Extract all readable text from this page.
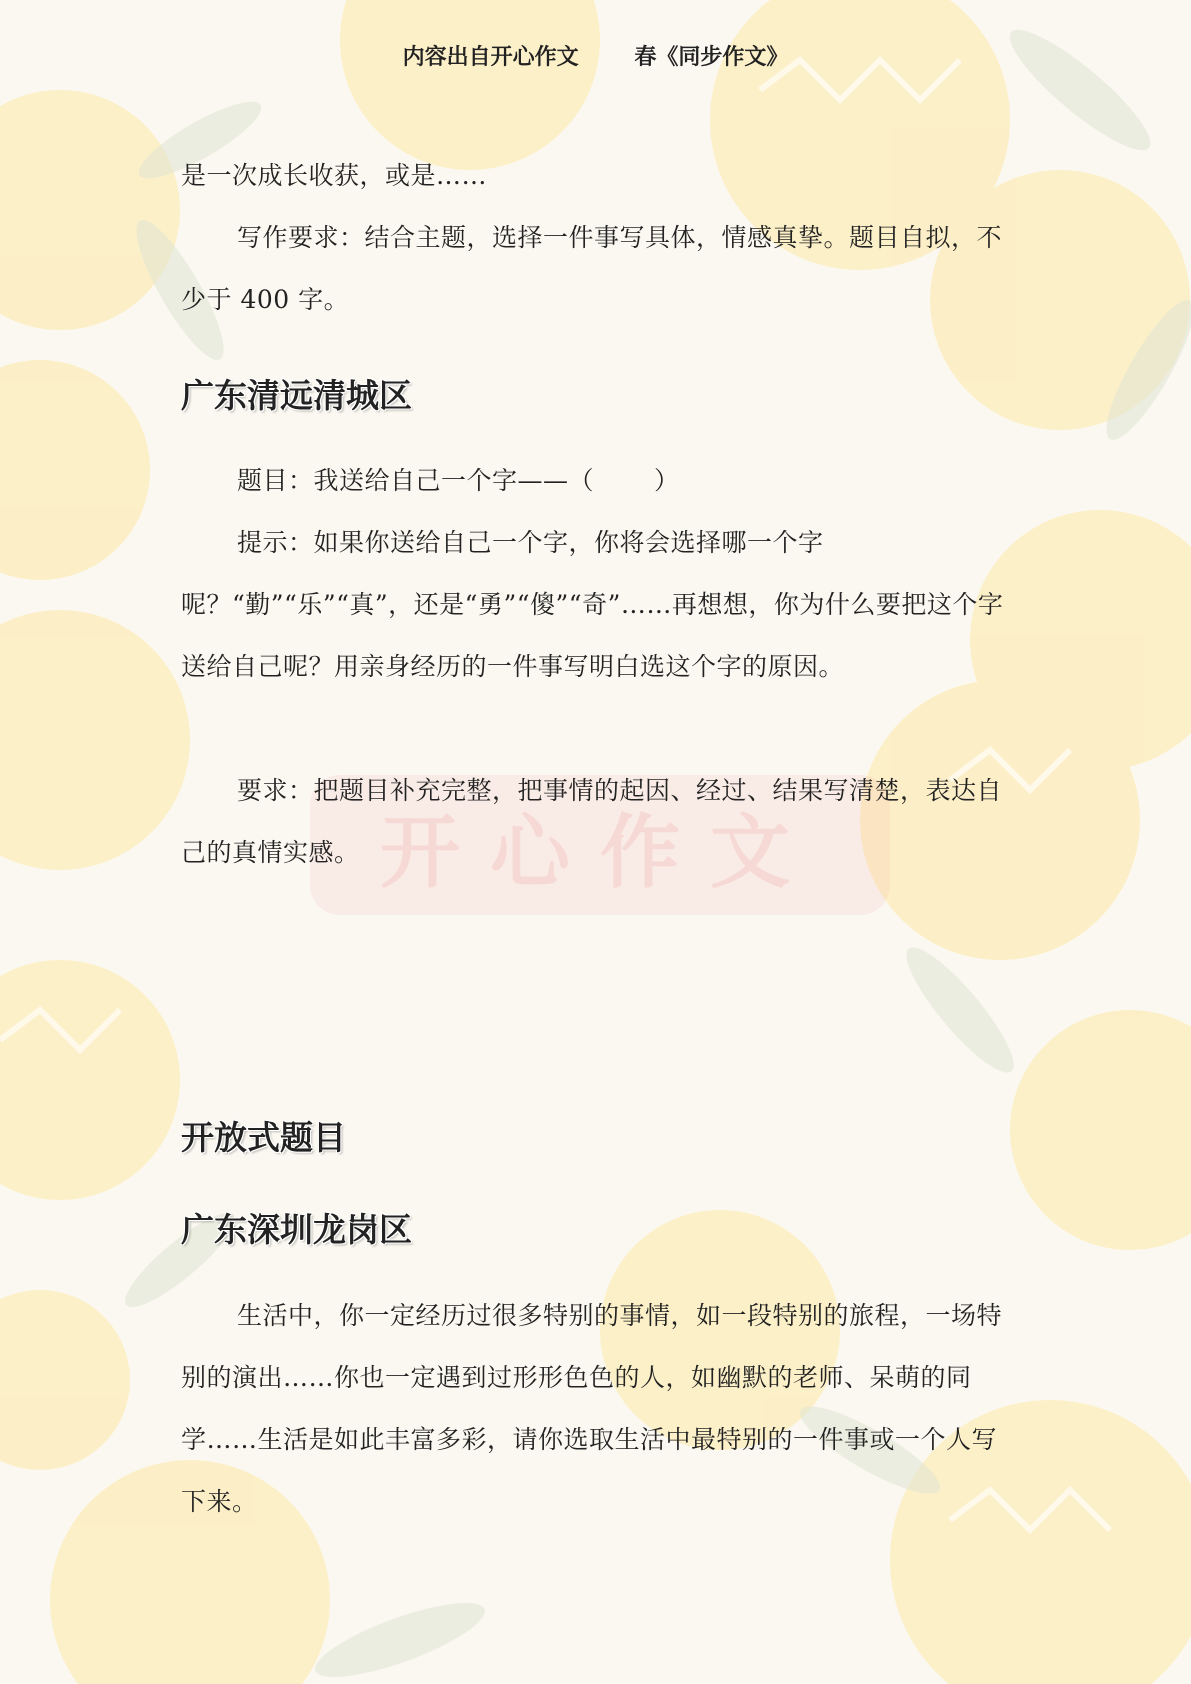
开心作文
内容出自开心作文	春《同步作文》

是一次成长收获，或是……

写作要求：结合主题，选择一件事写具体，情感真挚。题目自拟，不少于 400 字。

广东清远清城区

题目：我送给自己一个字——（ ）

提示：如果你送给自己一个字，你将会选择哪一个字呢？“勤”“乐”“真”，还是“勇”“傻”“奇”……再想想，你为什么要把这个字送给自己呢？用亲身经历的一件事写明白选这个字的原因。

要求：把题目补充完整，把事情的起因、经过、结果写清楚，表达自己的真情实感。

开放式题目
广东深圳龙岗区

生活中，你一定经历过很多特别的事情，如一段特别的旅程，一场特别的演出……你也一定遇到过形形色色的人，如幽默的老师、呆萌的同学……生活是如此丰富多彩，请你选取生活中最特别的一件事或一个人写下来。
